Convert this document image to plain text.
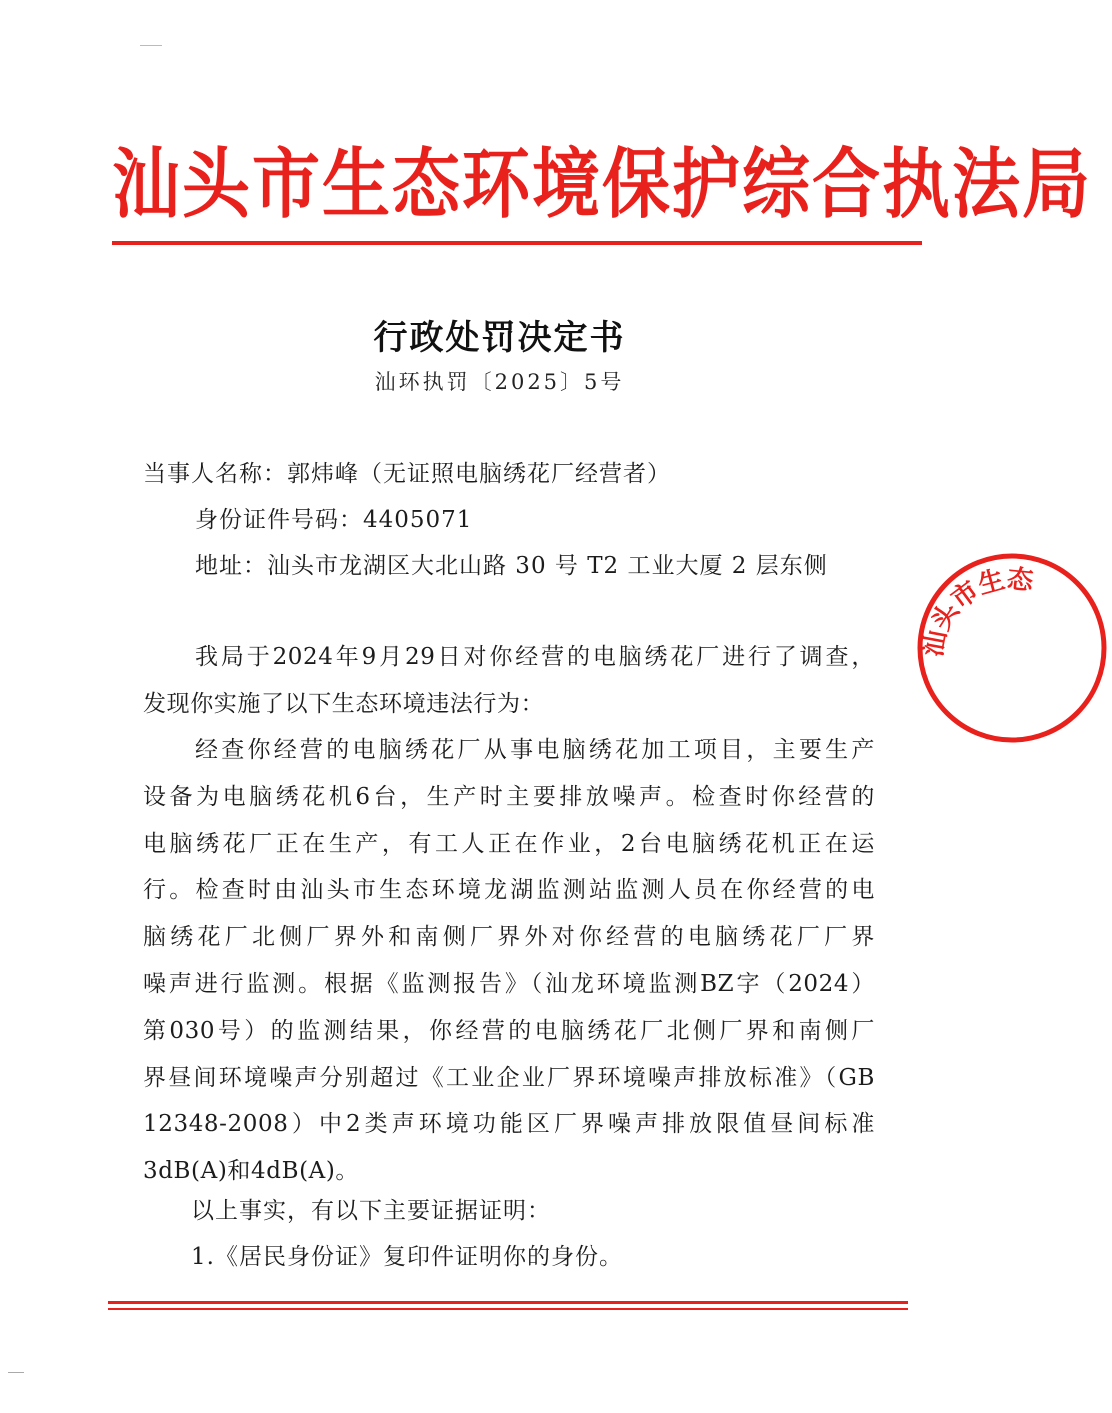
汕头市生态环境保护综合执法局
行政处罚决定书
汕环执罚〔2025〕5号
当事人名称：郭炜峰（无证照电脑绣花厂经营者）
身份证件号码：4405071
地址：汕头市龙湖区大北山路 30 号 T2 工业大厦 2 层东侧
我局于2024年9月29日对你经营的电脑绣花厂进行了调查，
发现你实施了以下生态环境违法行为：
经查你经营的电脑绣花厂从事电脑绣花加工项目，主要生产
设备为电脑绣花机6台，生产时主要排放噪声。检查时你经营的
电脑绣花厂正在生产，有工人正在作业，2台电脑绣花机正在运
行。检查时由汕头市生态环境龙湖监测站监测人员在你经营的电
脑绣花厂北侧厂界外和南侧厂界外对你经营的电脑绣花厂厂界
噪声进行监测。根据《监测报告》（汕龙环境监测BZ字（2024）
第030号）的监测结果，你经营的电脑绣花厂北侧厂界和南侧厂
界昼间环境噪声分别超过《工业企业厂界环境噪声排放标准》（GB
12348-2008）中2类声环境功能区厂界噪声排放限值昼间标准
3dB(A)和4dB(A)。
以上事实，有以下主要证据证明：
1.《居民身份证》复印件证明你的身份。
汕头市生态
